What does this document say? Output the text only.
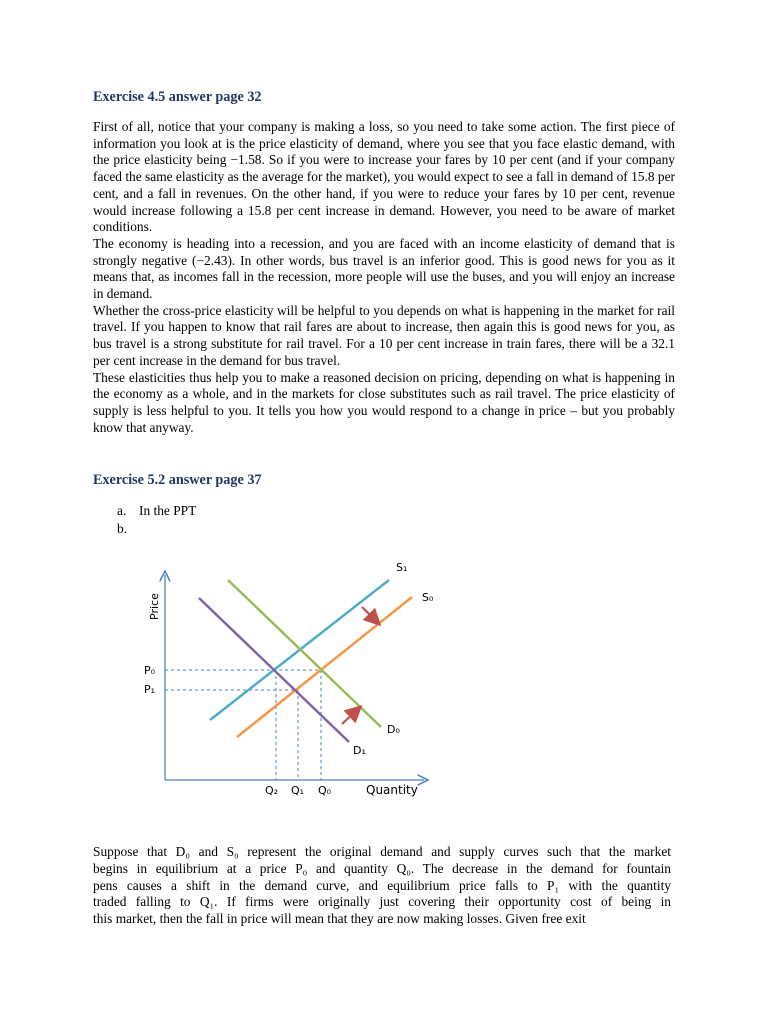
Exercise 4.5 answer page 32

First of all, notice that your company is making a loss, so you need to take some action. The first piece of information you look at is the price elasticity of demand, where you see that you face elastic demand, with the price elasticity being −1.58. So if you were to increase your fares by 10 per cent (and if your company faced the same elasticity as the average for the market), you would expect to see a fall in demand of 15.8 per cent, and a fall in revenues. On the other hand, if you were to reduce your fares by 10 per cent, revenue would increase following a 15.8 per cent increase in demand. However, you need to be aware of market conditions.

The economy is heading into a recession, and you are faced with an income elasticity of demand that is strongly negative (−2.43). In other words, bus travel is an inferior good. This is good news for you as it means that, as incomes fall in the recession, more people will use the buses, and you will enjoy an increase in demand.

Whether the cross-price elasticity will be helpful to you depends on what is happening in the market for rail travel. If you happen to know that rail fares are about to increase, then again this is good news for you, as bus travel is a strong substitute for rail travel. For a 10 per cent increase in train fares, there will be a 32.1 per cent increase in the demand for bus travel.

These elasticities thus help you to make a reasoned decision on pricing, depending on what is happening in the economy as a whole, and in the markets for close substitutes such as rail travel. The price elasticity of supply is less helpful to you. It tells you how you would respond to a change in price – but you probably know that anyway.

Exercise 5.2 answer page 37
a. In the PPT
b.
Price
Quantity
P₀
P₁
Q₂ Q₁ Q₀
S₁
S₀
D₀
D₁
Suppose that D₀ and S₀ represent the original demand and supply curves such that the market
begins in equilibrium at a price P₀ and quantity Q₀. The decrease in the demand for fountain
pens causes a shift in the demand curve, and equilibrium price falls to P₁ with the quantity
traded falling to Q₁. If firms were originally just covering their opportunity cost of being in
this market, then the fall in price will mean that they are now making losses. Given free exit
